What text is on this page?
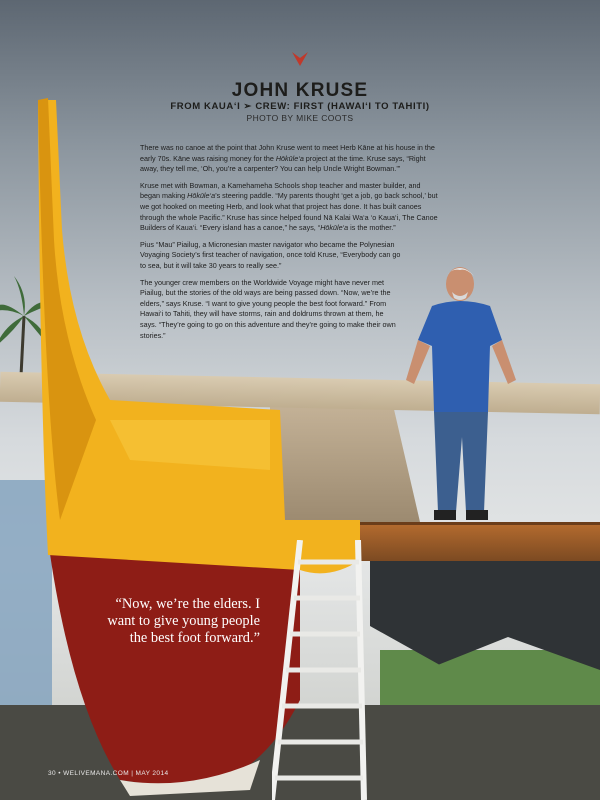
JOHN KRUSE
FROM KAUA‘I ➢ CREW: FIRST (HAWAI‘I TO TAHITI)
PHOTO BY MIKE COOTS

There was no canoe at the point that John Kruse went to meet Herb Kāne at his house in the early 70s. Kāne was raising money for the Hōkūle‘a project at the time. Kruse says, “Right away, they tell me, ‘Oh, you’re a carpenter? You can help Uncle Wright Bowman.’”

Kruse met with Bowman, a Kamehameha Schools shop teacher and master builder, and began making Hōkūle‘a’s steering paddle. “My parents thought ‘get a job, go back school,’ but we got hooked on meeting Herb, and look what that project has done. It has built canoes through the whole Pacific.” Kruse has since helped found Nā Kalai Wa‘a ‘o Kaua‘i, The Canoe Builders of Kaua‘i. “Every island has a canoe,” he says, “Hōkūle‘a is the mother.”

Pius “Mau” Piailug, a Micronesian master navigator who became the Polynesian Voyaging Society’s first teacher of navigation, once told Kruse, “Everybody can go to sea, but it will take 30 years to really see.”

The younger crew members on the Worldwide Voyage might have never met Piailug, but the stories of the old ways are being passed down. “Now, we’re the elders,” says Kruse. “I want to give young people the best foot forward.” From Hawai‘i to Tahiti, they will have storms, rain and doldrums thrown at them, he says. “They’re going to go on this adventure and they’re going to make their own stories.”

“Now, we’re the elders. I want to give young people the best foot forward.”
30 • WELIVEMANA.COM | MAY 2014
